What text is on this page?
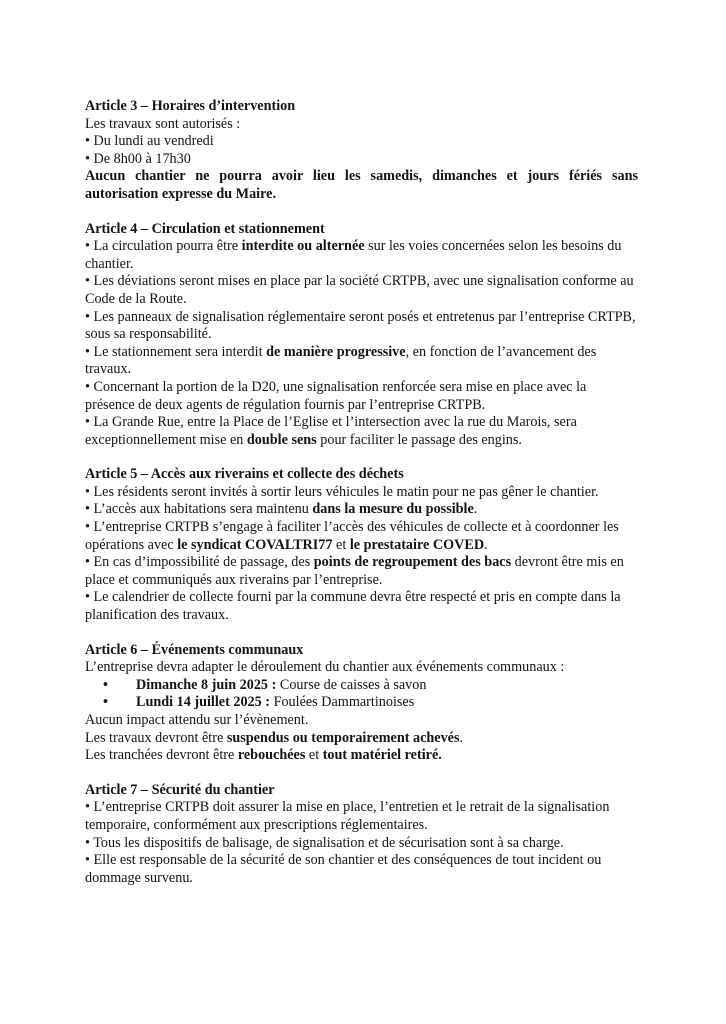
Article 3 – Horaires d’intervention
Les travaux sont autorisés :
• Du lundi au vendredi
• De 8h00 à 17h30
Aucun chantier ne pourra avoir lieu les samedis, dimanches et jours fériés sans autorisation expresse du Maire.
Article 4 – Circulation et stationnement
• La circulation pourra être interdite ou alternée sur les voies concernées selon les besoins du chantier.
• Les déviations seront mises en place par la société CRTPB, avec une signalisation conforme au Code de la Route.
• Les panneaux de signalisation réglementaire seront posés et entretenus par l’entreprise CRTPB, sous sa responsabilité.
• Le stationnement sera interdit de manière progressive, en fonction de l’avancement des travaux.
• Concernant la portion de la D20, une signalisation renforcée sera mise en place avec la présence de deux agents de régulation fournis par l’entreprise CRTPB.
• La Grande Rue, entre la Place de l’Eglise et l’intersection avec la rue du Marois, sera exceptionnellement mise en double sens pour faciliter le passage des engins.
Article 5 – Accès aux riverains et collecte des déchets
• Les résidents seront invités à sortir leurs véhicules le matin pour ne pas gêner le chantier.
• L’accès aux habitations sera maintenu dans la mesure du possible.
• L’entreprise CRTPB s’engage à faciliter l’accès des véhicules de collecte et à coordonner les opérations avec le syndicat COVALTRI77 et le prestataire COVED.
• En cas d’impossibilité de passage, des points de regroupement des bacs devront être mis en place et communiqués aux riverains par l’entreprise.
• Le calendrier de collecte fourni par la commune devra être respecté et pris en compte dans la planification des travaux.
Article 6 – Événements communaux
L’entreprise devra adapter le déroulement du chantier aux événements communaux :
• Dimanche 8 juin 2025 : Course de caisses à savon
• Lundi 14 juillet 2025 : Foulées Dammartinoises
Aucun impact attendu sur l’évènement.
Les travaux devront être suspendus ou temporairement achevés.
Les tranchées devront être rebouchées et tout matériel retiré.
Article 7 – Sécurité du chantier
• L’entreprise CRTPB doit assurer la mise en place, l’entretien et le retrait de la signalisation temporaire, conformément aux prescriptions réglementaires.
• Tous les dispositifs de balisage, de signalisation et de sécurisation sont à sa charge.
• Elle est responsable de la sécurité de son chantier et des conséquences de tout incident ou dommage survenu.
